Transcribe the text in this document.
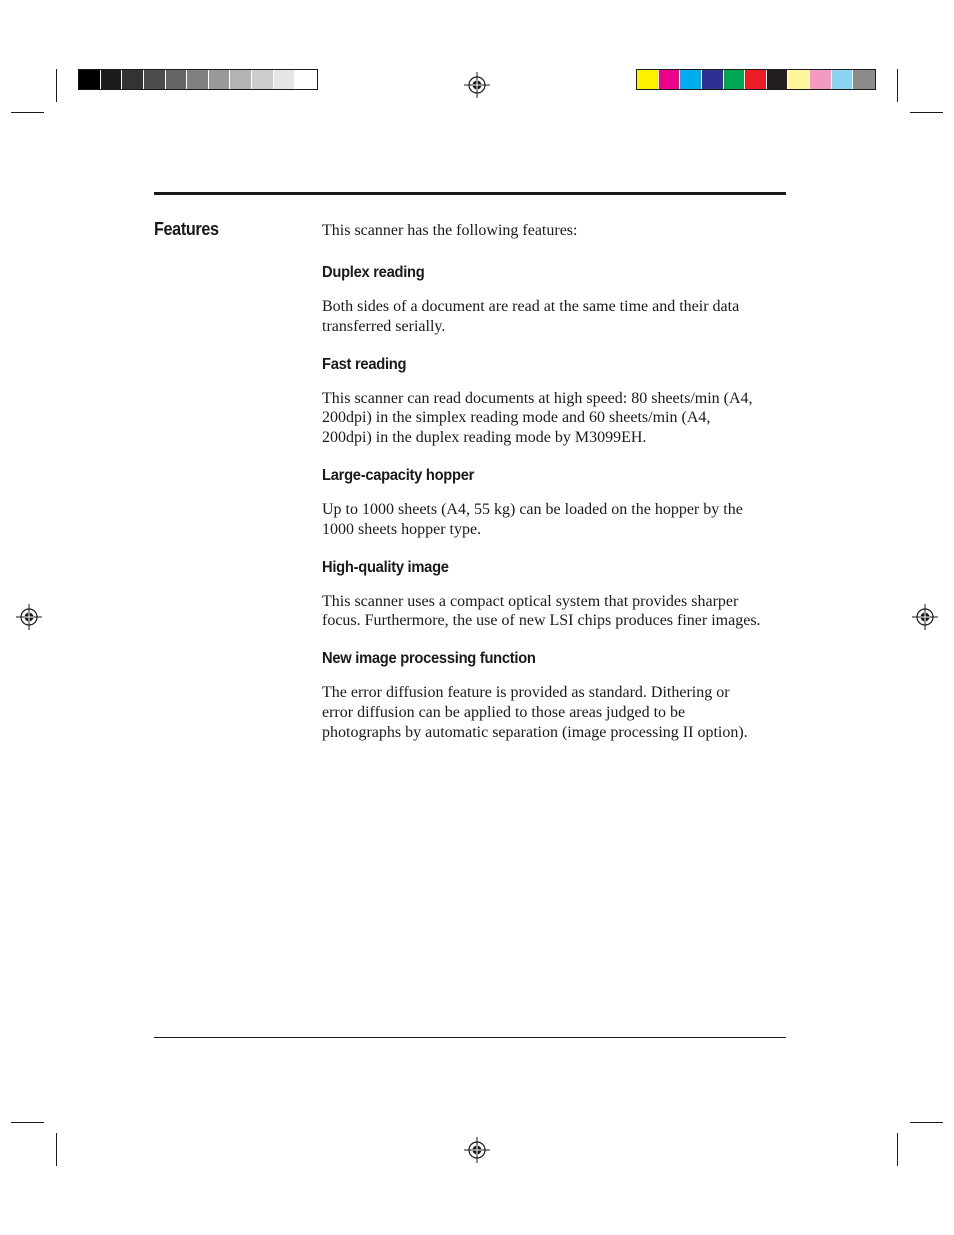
Features	This scanner has the following features:

Duplex reading

Both sides of a document are read at the same time and their data
transferred serially.

Fast reading

This scanner can read documents at high speed: 80 sheets/min (A4,
200dpi) in the simplex reading mode and 60 sheets/min (A4,
200dpi) in the duplex reading mode by M3099EH.

Large-capacity hopper

Up to 1000 sheets (A4, 55 kg) can be loaded on the hopper by the
1000 sheets hopper type.

High-quality image

This scanner uses a compact optical system that provides sharper
focus. Furthermore, the use of new LSI chips produces finer images.

New image processing function

The error diffusion feature is provided as standard. Dithering or
error diffusion can be applied to those areas judged to be
photographs by automatic separation (image processing II option).
